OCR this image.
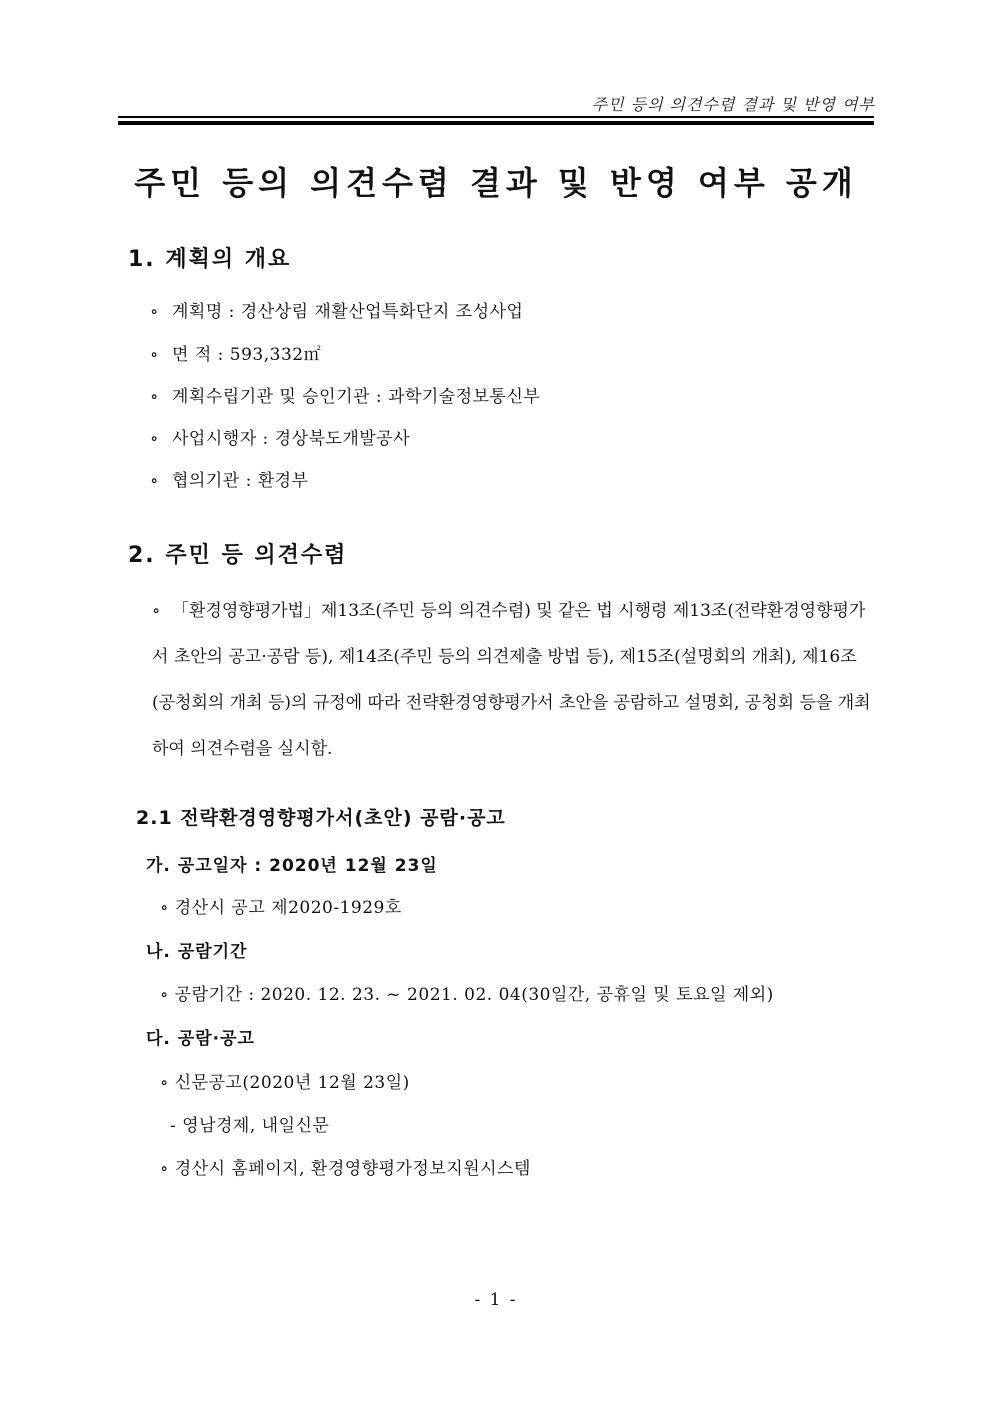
주민 등의 의견수렴 결과 및 반영 여부
주민 등의 의견수렴 결과 및 반영 여부 공개
1. 계획의 개요
∘ 계획명 : 경산상림 재활산업특화단지 조성사업
∘ 면 적 : 593,332㎡
∘ 계획수립기관 및 승인기관 : 과학기술정보통신부
∘ 사업시행자 : 경상북도개발공사
∘ 협의기관 : 환경부
2. 주민 등 의견수렴
∘ 「환경영향평가법」제13조(주민 등의 의견수렴) 및 같은 법 시행령 제13조(전략환경영향평가서 초안의 공고·공람 등), 제14조(주민 등의 의견제출 방법 등), 제15조(설명회의 개최), 제16조(공청회의 개최 등)의 규정에 따라 전략환경영향평가서 초안을 공람하고 설명회, 공청회 등을 개최하여 의견수렴을 실시함.
2.1 전략환경영향평가서(초안) 공람·공고
가. 공고일자 : 2020년 12월 23일
∘ 경산시 공고 제2020-1929호
나. 공람기간
∘ 공람기간 : 2020. 12. 23. ~ 2021. 02. 04(30일간, 공휴일 및 토요일 제외)
다. 공람·공고
∘ 신문공고(2020년 12월 23일)
- 영남경제, 내일신문
∘ 경산시 홈페이지, 환경영향평가정보지원시스템
- 1 -
